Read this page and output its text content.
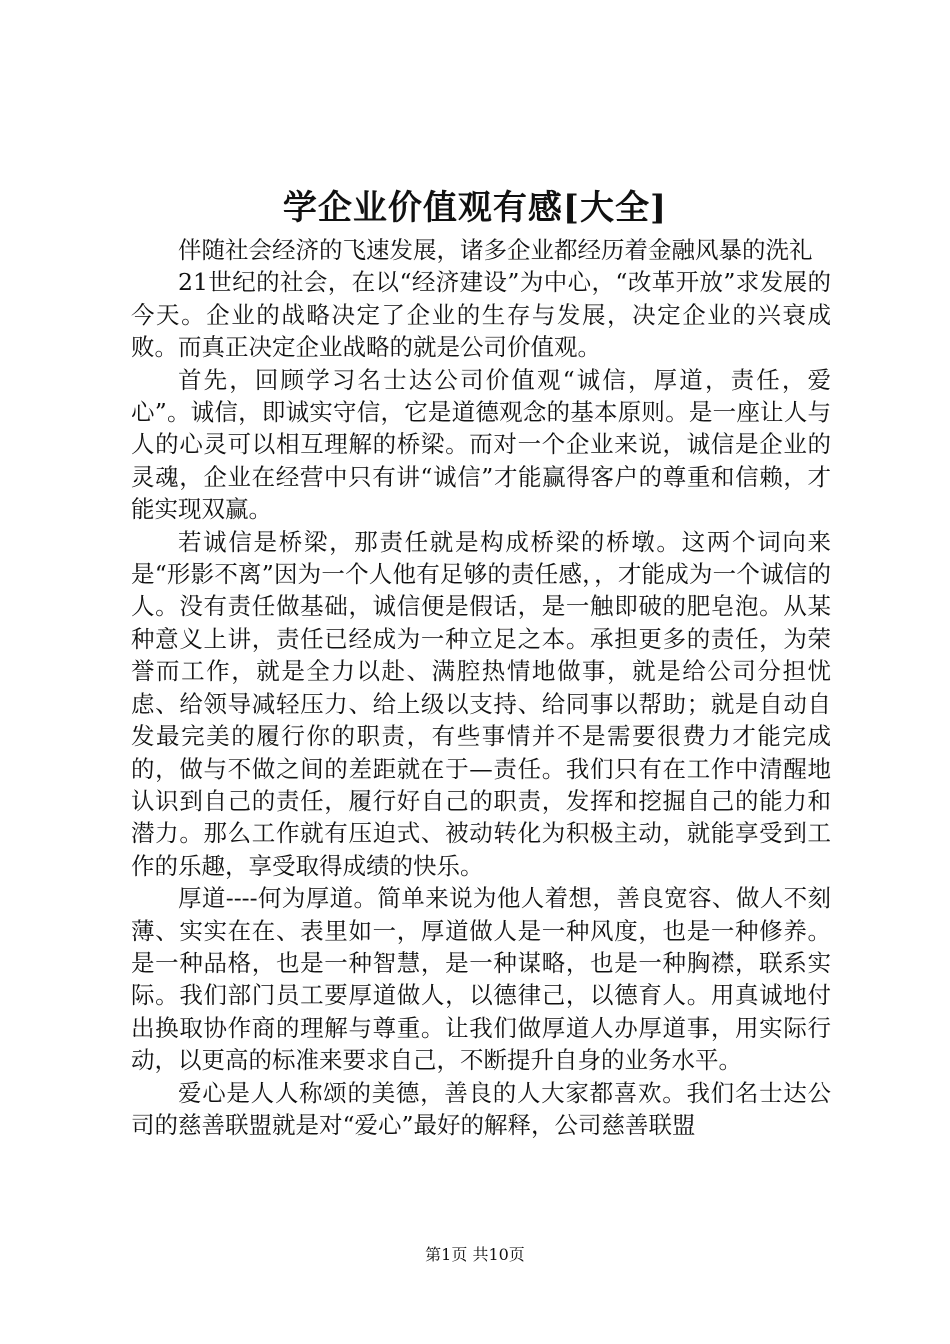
学企业价值观有感[大全]

伴随社会经济的飞速发展，诸多企业都经历着金融风暴的洗礼

21世纪的社会，在以“经济建设”为中心，“改革开放”求发展的今天。企业的战略决定了企业的生存与发展，决定企业的兴衰成败。而真正决定企业战略的就是公司价值观。

首先，回顾学习名士达公司价值观“诚信，厚道，责任，爱心”。诚信，即诚实守信，它是道德观念的基本原则。是一座让人与人的心灵可以相互理解的桥梁。而对一个企业来说，诚信是企业的灵魂，企业在经营中只有讲“诚信”才能赢得客户的尊重和信赖，才能实现双赢。

若诚信是桥梁，那责任就是构成桥梁的桥墩。这两个词向来是“形影不离”因为一个人他有足够的责任感，，才能成为一个诚信的人。没有责任做基础，诚信便是假话，是一触即破的肥皂泡。从某种意义上讲，责任已经成为一种立足之本。承担更多的责任，为荣誉而工作，就是全力以赴、满腔热情地做事，就是给公司分担忧虑、给领导减轻压力、给上级以支持、给同事以帮助；就是自动自发最完美的履行你的职责，有些事情并不是需要很费力才能完成的，做与不做之间的差距就在于—责任。我们只有在工作中清醒地认识到自己的责任，履行好自己的职责，发挥和挖掘自己的能力和潜力。那么工作就有压迫式、被动转化为积极主动，就能享受到工作的乐趣，享受取得成绩的快乐。

厚道----何为厚道。简单来说为他人着想，善良宽容、做人不刻薄、实实在在、表里如一，厚道做人是一种风度，也是一种修养。是一种品格，也是一种智慧，是一种谋略，也是一种胸襟，联系实际。我们部门员工要厚道做人，以德律己，以德育人。用真诚地付出换取协作商的理解与尊重。让我们做厚道人办厚道事，用实际行动，以更高的标准来要求自己，不断提升自身的业务水平。

爱心是人人称颂的美德，善良的人大家都喜欢。我们名士达公司的慈善联盟就是对“爱心”最好的解释，公司慈善联盟

第1页 共10页
